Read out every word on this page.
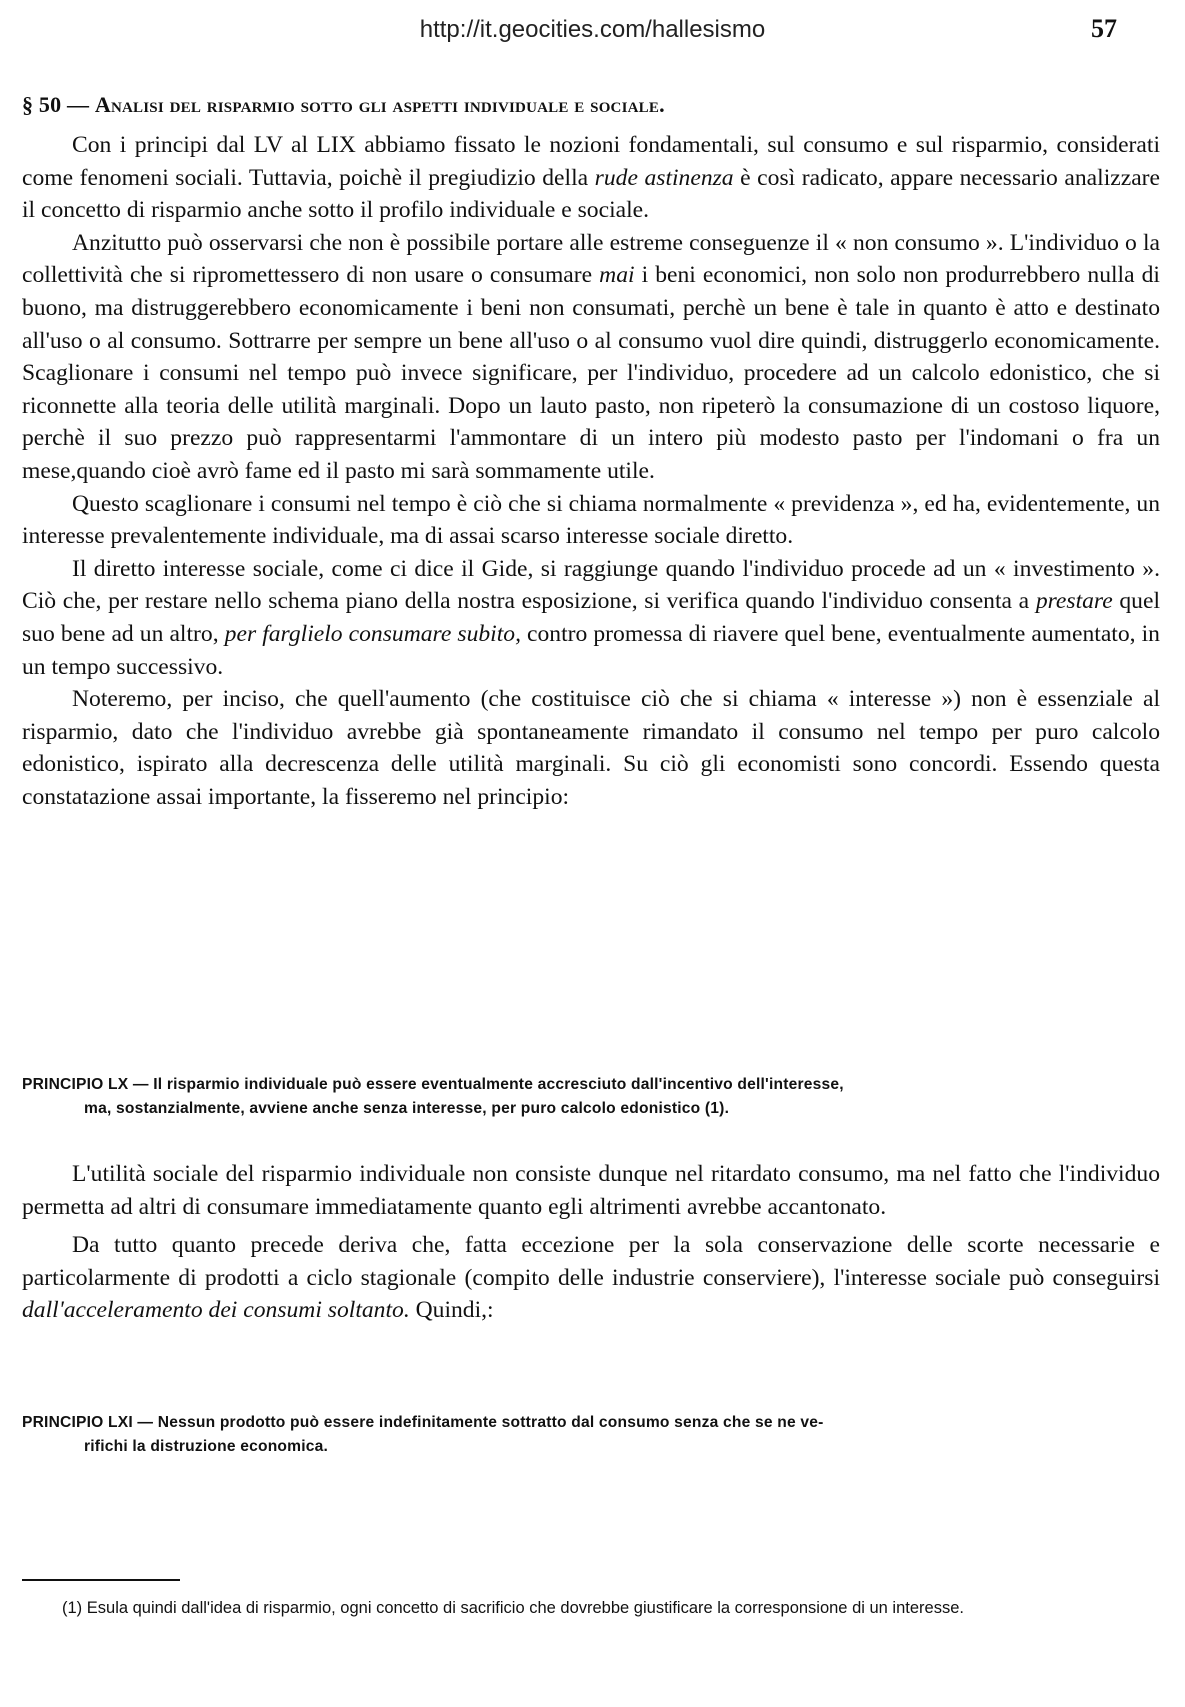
http://it.geocities.com/hallesismo	57
§ 50 — Analisi del risparmio sotto gli aspetti individuale e sociale.

Con i principi dal LV al LIX abbiamo fissato le nozioni fondamentali, sul consumo e sul risparmio, considerati come fenomeni sociali. Tuttavia, poichè il pregiudizio della rude astinenza è così radicato, appare necessario analizzare il concetto di risparmio anche sotto il profilo individuale e sociale.

Anzitutto può osservarsi che non è possibile portare alle estreme conseguenze il « non consumo ». L'individuo o la collettività che si ripromettessero di non usare o consumare mai i beni economici, non solo non produrrebbero nulla di buono, ma distruggerebbero economicamente i beni non consumati, perchè un bene è tale in quanto è atto e destinato all'uso o al consumo. Sottrarre per sempre un bene all'uso o al consumo vuol dire quindi, distruggerlo economicamente. Scaglionare i consumi nel tempo può invece significare, per l'individuo, procedere ad un calcolo edonistico, che si riconnette alla teoria delle utilità marginali. Dopo un lauto pasto, non ripeterò la consumazione di un costoso liquore, perchè il suo prezzo può rappresentarmi l'ammontare di un intero più modesto pasto per l'indomani o fra un mese,quando cioè avrò fame ed il pasto mi sarà sommamente utile.

Questo scaglionare i consumi nel tempo è ciò che si chiama normalmente « previdenza », ed ha, evidentemente, un interesse prevalentemente individuale, ma di assai scarso interesse sociale diretto.

Il diretto interesse sociale, come ci dice il Gide, si raggiunge quando l'individuo procede ad un « investimento ». Ciò che, per restare nello schema piano della nostra esposizione, si verifica quando l'individuo consenta a prestare quel suo bene ad un altro, per farglielo consumare subito, contro promessa di riavere quel bene, eventualmente aumentato, in un tempo successivo.

Noteremo, per inciso, che quell'aumento (che costituisce ciò che si chiama « interesse ») non è essenziale al risparmio, dato che l'individuo avrebbe già spontaneamente rimandato il consumo nel tempo per puro calcolo edonistico, ispirato alla decrescenza delle utilità marginali. Su ciò gli economisti sono concordi. Essendo questa constatazione assai importante, la fisseremo nel principio:

PRINCIPIO LX — Il risparmio individuale può essere eventualmente accresciuto dall'incentivo dell'interesse,
ma, sostanzialmente, avviene anche senza interesse, per puro calcolo edonistico (1).

L'utilità sociale del risparmio individuale non consiste dunque nel ritardato consumo, ma nel fatto che l'individuo permetta ad altri di consumare immediatamente quanto egli altrimenti avrebbe accantonato.

Da tutto quanto precede deriva che, fatta eccezione per la sola conservazione delle scorte necessarie e particolarmente di prodotti a ciclo stagionale (compito delle industrie conserviere), l'interesse sociale può conseguirsi dall'acceleramento dei consumi soltanto. Quindi,:

PRINCIPIO LXI — Nessun prodotto può essere indefinitamente sottratto dal consumo senza che se ne ve-
rifichi la distruzione economica.
(1) Esula quindi dall'idea di risparmio, ogni concetto di sacrificio che dovrebbe giustificare la corresponsione di un interesse.
